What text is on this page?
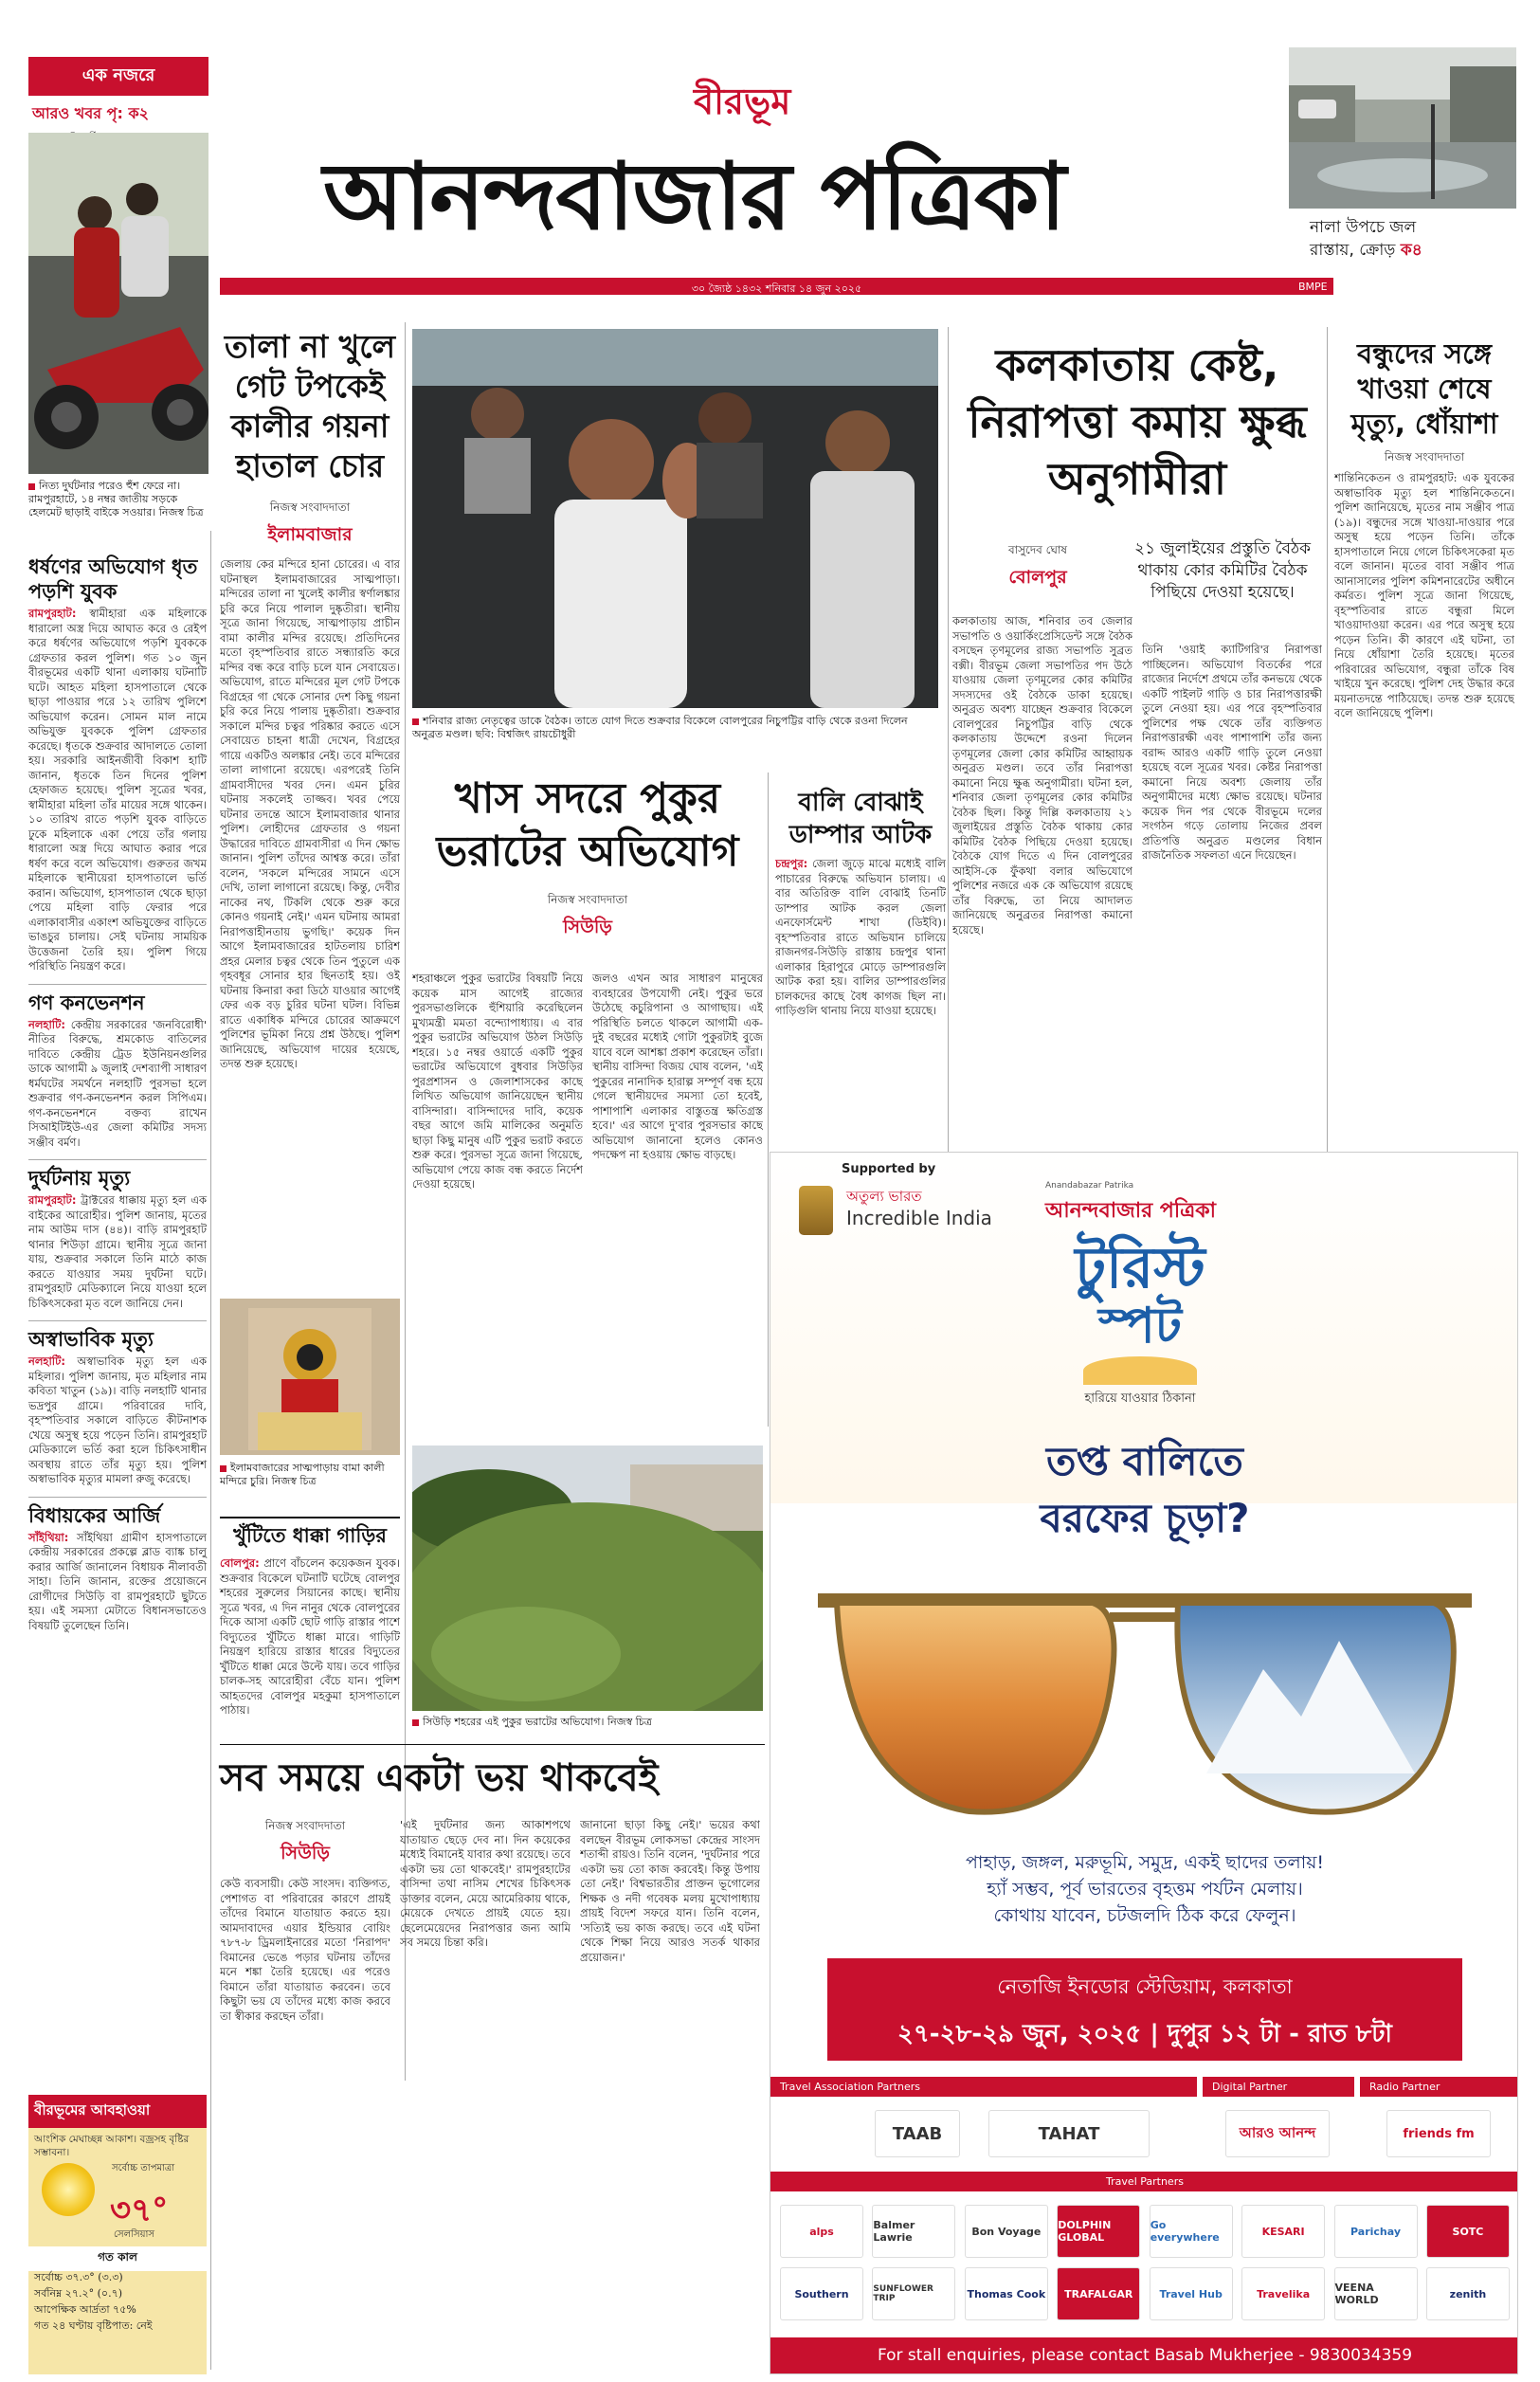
বীরভূম
আনন্দবাজার পত্রিকা
৩০ জ্যৈষ্ঠ ১৪৩২ শনিবার ১৪ জুন ২০২৫	BMPE
এক নজরে
আরও খবর পৃ: ক২
নিত্য দুর্ঘটনার পরেও হুঁশ ফেরে না। রামপুরহাটে, ১৪ নম্বর জাতীয় সড়কে হেলমেট ছাড়াই বাইকে সওয়ার। নিজস্ব চিত্র
নালা উপচে জল
রাস্তায়, ক্রোড় ক৪
ধর্ষণের অভিযোগ ধৃত পড়শি যুবক
রামপুরহাট: স্বামীহারা এক মহিলাকে ধারালো অস্ত্র দিয়ে আঘাত করে ও রেইপ করে ধর্ষণের অভিযোগে পড়শি যুবককে গ্রেফতার করল পুলিশ। গত ১০ জুন বীরভূমের একটি থানা এলাকায় ঘটনাটি ঘটে। আহত মহিলা হাসপাতালে থেকে ছাড়া পাওয়ার পরে ১২ তারিখ পুলিশে অভিযোগ করেন। সোমন মাল নামে অভিযুক্ত যুবককে পুলিশ গ্রেফতার করেছে। ধৃতকে শুক্রবার আদালতে তোলা হয়। সরকারি আইনজীবী বিকাশ হাটি জানান, ধৃতকে তিন দিনের পুলিশ হেফাজত হয়েছে। পুলিশ সূত্রের খবর, স্বামীহারা মহিলা তাঁর মায়ের সঙ্গে থাকেন। ১০ তারিখ রাতে পড়শি যুবক বাড়িতে ঢুকে মহিলাকে একা পেয়ে তাঁর গলায় ধারালো অস্ত্র দিয়ে আঘাত করার পরে ধর্ষণ করে বলে অভিযোগ। গুরুতর জখম মহিলাকে স্থানীয়েরা হাসপাতালে ভর্তি করান। অভিযোগ, হাসপাতাল থেকে ছাড়া পেয়ে মহিলা বাড়ি ফেরার পরে এলাকাবাসীর একাংশ অভিযুক্তের বাড়িতে ভাঙচুর চালায়। সেই ঘটনায় সাময়িক উত্তেজনা তৈরি হয়। পুলিশ গিয়ে পরিস্থিতি নিয়ন্ত্রণ করে।
গণ কনভেনশন
নলহাটি: কেন্দ্রীয় সরকারের 'জনবিরোধী' নীতির বিরুদ্ধে, শ্রমকোড বাতিলের দাবিতে কেন্দ্রীয় ট্রেড ইউনিয়নগুলির ডাকে আগামী ৯ জুলাই দেশব্যাপী সাধারণ ধর্মঘটের সমর্থনে নলহাটি পুরসভা হলে শুক্রবার গণ-কনভেনশন করল সিপিএম। গণ-কনভেনশনে বক্তব্য রাখেন সিআইটিইউ-এর জেলা কমিটির সদস্য সঞ্জীব বর্মণ।
দুর্ঘটনায় মৃত্যু
রামপুরহাট: ট্রাক্টরের ধাক্কায় মৃত্যু হল এক বাইকের আরোহীর। পুলিশ জানায়, মৃতের নাম আউম দাস (৪৪)। বাড়ি রামপুরহাট থানার শিউড়া গ্রামে। স্থানীয় সূত্রে জানা যায়, শুক্রবার সকালে তিনি মাঠে কাজ করতে যাওয়ার সময় দুর্ঘটনা ঘটে। রামপুরহাট মেডিক্যালে নিয়ে যাওয়া হলে চিকিৎসকেরা মৃত বলে জানিয়ে দেন।
অস্বাভাবিক মৃত্যু
নলহাটি: অস্বাভাবিক মৃত্যু হল এক মহিলার। পুলিশ জানায়, মৃত মহিলার নাম কবিতা খাতুন (১৯)। বাড়ি নলহাটি থানার ভদ্রপুর গ্রামে। পরিবারের দাবি, বৃহস্পতিবার সকালে বাড়িতে কীটনাশক খেয়ে অসুস্থ হয়ে পড়েন তিনি। রামপুরহাট মেডিক্যালে ভর্তি করা হলে চিকিৎসাধীন অবস্থায় রাতে তাঁর মৃত্যু হয়। পুলিশ অস্বাভাবিক মৃত্যুর মামলা রুজু করেছে।
বিধায়কের আর্জি
সাঁইথিয়া: সাঁইথিয়া গ্রামীণ হাসপাতালে কেন্দ্রীয় সরকারের প্রকল্পে ব্লাড ব্যাঙ্ক চালু করার আর্জি জানালেন বিধায়ক নীলাবতী সাহা। তিনি জানান, রক্তের প্রয়োজনে রোগীদের সিউড়ি বা রামপুরহাটে ছুটতে হয়। এই সমস্যা মেটাতে বিধানসভাতেও বিষয়টি তুলেছেন তিনি।
বীরভূমের আবহাওয়া
আংশিক মেঘাচ্ছন্ন আকাশ। বজ্রসহ বৃষ্টির সম্ভাবনা।
সর্বোচ্চ তাপমাত্রা
৩৭°
সেলসিয়াস
গত কাল
সর্বোচ্চ ৩৭.৩° (৩.৩)
সর্বনিম্ন ২৭.২° (০.৭)
আপেক্ষিক আর্দ্রতা ৭৫%
গত ২৪ ঘণ্টায় বৃষ্টিপাত: নেই
তালা না খুলে গেট টপকেই কালীর গয়না হাতাল চোর
নিজস্ব সংবাদদাতা
ইলামবাজার
জেলায় কের মন্দিরে হানা চোরের। এ বার ঘটনাস্থল ইলামবাজারের সাত্মপাড়া। মন্দিরের তালা না খুলেই কালীর স্বর্ণালঙ্কার চুরি করে নিয়ে পালাল দুষ্কৃতীরা। স্থানীয় সূত্রে জানা গিয়েছে, সাত্মপাড়ায় প্রাচীন বামা কালীর মন্দির রয়েছে। প্রতিদিনের মতো বৃহস্পতিবার রাতে সন্ধ্যারতি করে মন্দির বন্ধ করে বাড়ি চলে যান সেবায়েত। অভিযোগ, রাতে মন্দিরের মূল গেট টপকে বিগ্রহের গা থেকে সোনার দেশ কিছু গয়না চুরি করে নিয়ে পালায় দুষ্কৃতীরা। শুক্রবার সকালে মন্দির চত্বর পরিষ্কার করতে এসে সেবায়েত চাহনা ধাত্রী দেখেন, বিগ্রহের গায়ে একটিও অলঙ্কার নেই। তবে মন্দিরের তালা লাগানো রয়েছে। এরপরেই তিনি গ্রামবাসীদের খবর দেন। এমন চুরির ঘটনায় সকলেই তাজ্জব। খবর পেয়ে ঘটনার তদন্তে আসে ইলামবাজার থানার পুলিশ। লোহীদের গ্রেফতার ও গয়না উদ্ধারের দাবিতে গ্রামবাসীরা এ দিন ক্ষোভ জানান। পুলিশ তাঁদের আশ্বস্ত করে। তাঁরা বলেন, 'সকলে মন্দিরের সামনে এসে দেখি, তালা লাগানো রয়েছে। কিন্তু, দেবীর নাকের নথ, টিকলি থেকে শুরু করে কোনও গয়নাই নেই।' এমন ঘটনায় আমরা নিরাপত্তাহীনতায় ভুগছি।' কয়েক দিন আগে ইলামবাজারের হাটতলায় চারিশ প্রহর মেলার চত্বর থেকে তিন পুতুলে এক গৃহবধূর সোনার হার ছিনতাই হয়। ওই ঘটনায় কিনারা করা ডিঠে যাওয়ার আগেই ফের এক বড় চুরির ঘটনা ঘটল। বিভিন্ন রাতে একাধিক মন্দিরে চোরের আক্রমণে পুলিশের ভূমিকা নিয়ে প্রশ্ন উঠছে। পুলিশ জানিয়েছে, অভিযোগ দায়ের হয়েছে, তদন্ত শুরু হয়েছে।
ইলামবাজারের সাত্মপাড়ায় বামা কালী মন্দিরে চুরি। নিজস্ব চিত্র
খুঁটিতে ধাক্কা গাড়ির
বোলপুর: প্রাণে বাঁচলেন কয়েকজন যুবক। শুক্রবার বিকেলে ঘটনাটি ঘটেছে বোলপুর শহরের সুরুলের সিয়ানের কাছে। স্থানীয় সূত্রে খবর, এ দিন নানুর থেকে বোলপুরের দিকে আসা একটি ছোট গাড়ি রাস্তার পাশে বিদ্যুতের খুঁটিতে ধাক্কা মারে। গাড়িটি নিয়ন্ত্রণ হারিয়ে রাস্তার ধারের বিদ্যুতের খুঁটিতে ধাক্কা মেরে উল্টে যায়। তবে গাড়ির চালক-সহ আরোহীরা বেঁচে যান। পুলিশ আহতদের বোলপুর মহকুমা হাসপাতালে পাঠায়।
শনিবার রাজ্য নেতৃত্বের ডাকে বৈঠক। তাতে যোগ দিতে শুক্রবার বিকেলে বোলপুরের নিচুপট্টির বাড়ি থেকে রওনা দিলেন অনুব্রত মণ্ডল। ছবি: বিশ্বজিৎ রায়চৌধুরী
খাস সদরে পুকুর ভরাটের অভিযোগ
নিজস্ব সংবাদদাতা
সিউড়ি
শহরাঞ্চলে পুকুর ভরাটের বিষয়টি নিয়ে কয়েক মাস আগেই রাজ্যের পুরসভাগুলিকে হুঁশিয়ারি করেছিলেন মুখ্যমন্ত্রী মমতা বন্দ্যোপাধ্যায়। এ বার পুকুর ভরাটের অভিযোগ উঠল সিউড়ি শহরে। ১৫ নম্বর ওয়ার্ডে একটি পুকুর ভরাটের অভিযোগে বুধবার সিউড়ির পুরপ্রশাসন ও জেলাশাসকের কাছে লিখিত অভিযোগ জানিয়েছেন স্থানীয় বাসিন্দারা। বাসিন্দাদের দাবি, কয়েক বছর আগে জমি মালিকের অনুমতি ছাড়া কিছু মানুষ এটি পুকুর ভরাট করতে শুরু করে। পুরসভা সূত্রে জানা গিয়েছে, অভিযোগ পেয়ে কাজ বন্ধ করতে নির্দেশ দেওয়া হয়েছে।
জলও এখন আর সাধারণ মানুষের ব্যবহারের উপযোগী নেই। পুকুর ভরে উঠেছে কচুরিপানা ও আগাছায়। এই পরিস্থিতি চলতে থাকলে আগামী এক-দুই বছরের মধ্যেই গোটা পুকুরটাই বুজে যাবে বলে আশঙ্কা প্রকাশ করেছেন তাঁরা। স্থানীয় বাসিন্দা বিজয় ঘোষ বলেন, 'এই পুকুরের নানাদিক হারাল্প সম্পূর্ণ বন্ধ হয়ে গেলে স্থানীয়দের সমস্যা তো হবেই, পাশাপাশি এলাকার বাস্তুতন্ত্র ক্ষতিগ্রস্ত হবে।' এর আগে দু'বার পুরসভার কাছে অভিযোগ জানানো হলেও কোনও পদক্ষেপ না হওয়ায় ক্ষোভ বাড়ছে।
বালি বোঝাই ডাম্পার আটক
চন্দ্রপুর: জেলা জুড়ে মাঝে মধ্যেই বালি পাচারের বিরুদ্ধে অভিযান চালায়। এ বার অতিরিক্ত বালি বোঝাই তিনটি ডাম্পার আটক করল জেলা এনফোর্সমেন্ট শাখা (ডিইবি)। বৃহস্পতিবার রাতে অভিযান চালিয়ে রাজনগর-সিউড়ি রাস্তায় চন্দ্রপুর থানা এলাকার হিরাপুরে মোড়ে ডাম্পারগুলি আটক করা হয়। বালির ডাম্পারগুলির চালকদের কাছে বৈধ কাগজ ছিল না। গাড়িগুলি থানায় নিয়ে যাওয়া হয়েছে।
সিউড়ি শহরের এই পুকুর ভরাটের অভিযোগ। নিজস্ব চিত্র
কলকাতায় কেষ্ট, নিরাপত্তা কমায় ক্ষুব্ধ অনুগামীরা
বাসুদেব ঘোষ
বোলপুর
২১ জুলাইয়ের প্রস্তুতি বৈঠক থাকায় কোর কমিটির বৈঠক পিছিয়ে দেওয়া হয়েছে।
কলকাতায় আজ, শনিবার তব জেলার সভাপতি ও ওয়ার্কিংপ্রেসিডেন্ট সঙ্গে বৈঠক বসছেন তৃণমূলের রাজ্য সভাপতি সুব্রত বক্সী। বীরভূম জেলা সভাপতির পদ উঠে যাওয়ায় জেলা তৃণমূলের কোর কমিটির সদস্যদের ওই বৈঠকে ডাকা হয়েছে। অনুব্রত অবশ্য যাচ্ছেন শুক্রবার বিকেলে বোলপুরের নিচুপট্টির বাড়ি থেকে কলকাতায় উদ্দেশে রওনা দিলেন তৃণমূলের জেলা কোর কমিটির আহ্বায়ক অনুব্রত মণ্ডল। তবে তাঁর নিরাপত্তা কমানো নিয়ে ক্ষুব্ধ অনুগামীরা। ঘটনা হল, শনিবার জেলা তৃণমূলের কোর কমিটির বৈঠক ছিল। কিন্তু দিল্লি কলকাতায় ২১ জুলাইয়ের প্রস্তুতি বৈঠক থাকায় কোর কমিটির বৈঠক পিছিয়ে দেওয়া হয়েছে। বৈঠকে যোগ দিতে এ দিন বোলপুরের আইসি-কে ফুঁকথা বলার অভিযোগে পুলিশের নজরে এক কে অভিযোগ রয়েছে তাঁর বিরুদ্ধে, তা নিয়ে আদালত জানিয়েছে অনুব্রতর নিরাপত্তা কমানো হয়েছে।
তিনি 'ওয়াই ক্যাটিগরি'র নিরাপত্তা পাচ্ছিলেন। অভিযোগ বিতর্কের পরে রাজ্যের নির্দেশে প্রথমে তাঁর কনভয়ে থেকে একটি পাইলট গাড়ি ও চার নিরাপত্তারক্ষী তুলে নেওয়া হয়। এর পরে বৃহস্পতিবার পুলিশের পক্ষ থেকে তাঁর ব্যক্তিগত নিরাপত্তারক্ষী এবং পাশাপাশি তাঁর জন্য বরাদ্দ আরও একটি গাড়ি তুলে নেওয়া হয়েছে বলে সূত্রের খবর। কেষ্টর নিরাপত্তা কমানো নিয়ে অবশ্য জেলায় তাঁর অনুগামীদের মধ্যে ক্ষোভ রয়েছে। ঘটনার কয়েক দিন পর থেকে বীরভূমে দলের সংগঠন গড়ে তোলায় নিজের প্রবল প্রতিপত্তি অনুব্রত মণ্ডলের বিধান রাজনৈতিক সফলতা এনে দিয়েছেন।
বন্ধুদের সঙ্গে খাওয়া শেষে মৃত্যু, ধোঁয়াশা
নিজস্ব সংবাদদাতা
শান্তিনিকেতন ও রামপুরহাট: এক যুবকের অস্বাভাবিক মৃত্যু হল শান্তিনিকেতনে। পুলিশ জানিয়েছে, মৃতের নাম সঞ্জীব পাত্র (১৯)। বন্ধুদের সঙ্গে খাওয়া-দাওয়ার পরে অসুস্থ হয়ে পড়েন তিনি। তাঁকে হাসপাতালে নিয়ে গেলে চিকিৎসকেরা মৃত বলে জানান। মৃতের বাবা সঞ্জীব পাত্র আনাসালের পুলিশ কমিশনারেটের অধীনে কর্মরত। পুলিশ সূত্রে জানা গিয়েছে, বৃহস্পতিবার রাতে বন্ধুরা মিলে খাওয়াদাওয়া করেন। এর পরে অসুস্থ হয়ে পড়েন তিনি। কী কারণে এই ঘটনা, তা নিয়ে ধোঁয়াশা তৈরি হয়েছে। মৃতের পরিবারের অভিযোগ, বন্ধুরা তাঁকে বিষ খাইয়ে খুন করেছে। পুলিশ দেহ উদ্ধার করে ময়নাতদন্তে পাঠিয়েছে। তদন্ত শুরু হয়েছে বলে জানিয়েছে পুলিশ।
সব সময়ে একটা ভয় থাকবেই
নিজস্ব সংবাদদাতা
সিউড়ি
কেউ ব্যবসায়ী। কেউ সাংসদ। ব্যক্তিগত, পেশাগত বা পরিবারের কারণে প্রায়ই তাঁদের বিমানে যাতায়াত করতে হয়। আমদাবাদের এয়ার ইন্ডিয়ার বোয়িং ৭৮৭-৮ ড্রিমলাইনারের মতো 'নিরাপদ' বিমানের ভেঙে পড়ার ঘটনায় তাঁদের মনে শঙ্কা তৈরি হয়েছে। এর পরেও বিমানে তাঁরা যাতায়াত করবেন। তবে কিছুটা ভয় যে তাঁদের মধ্যে কাজ করবে তা স্বীকার করছেন তাঁরা।
'এই দুর্ঘটনার জন্য আকাশপথে যাতায়াত ছেড়ে দেব না। দিন কয়েকের মধ্যেই বিমানেই যাবার কথা রয়েছে। তবে একটা ভয় তো থাকবেই।' রামপুরহাটের বাসিন্দা তথা নাসিম শেখের চিকিৎসক ডাক্তার বলেন, মেয়ে আমেরিকায় থাকে, মেয়েকে দেখতে প্রায়ই যেতে হয়। ছেলেমেয়েদের নিরাপত্তার জন্য আমি সব সময়ে চিন্তা করি।
জানানো ছাড়া কিছু নেই।' ভয়ের কথা বলছেন বীরভূম লোকসভা কেন্দ্রের সাংসদ শতাব্দী রায়ও। তিনি বলেন, 'দুর্ঘটনার পরে একটা ভয় তো কাজ করবেই। কিন্তু উপায় তো নেই।' বিশ্বভারতীর প্রাক্তন ভূগোলের শিক্ষক ও নদী গবেষক মলয় মুখোপাধ্যায় প্রায়ই বিদেশ সফরে যান। তিনি বলেন, 'সত্যিই ভয় কাজ করছে। তবে এই ঘটনা থেকে শিক্ষা নিয়ে আরও সতর্ক থাকার প্রয়োজন।'
Supported by
অতুল্য ভারত
Incredible India
Anandabazar Patrika
আনন্দবাজার পত্রিকা
টুরিস্ট
স্পট
হারিয়ে যাওয়ার ঠিকানা
তপ্ত বালিতে
বরফের চূড়া?
পাহাড়, জঙ্গল, মরুভূমি, সমুদ্র, একই ছাদের তলায়!
হ্যাঁ সম্ভব, পূর্ব ভারতের বৃহত্তম পর্যটন মেলায়।
কোথায় যাবেন, চটজলদি ঠিক করে ফেলুন।
নেতাজি ইনডোর স্টেডিয়াম, কলকাতা
২৭-২৮-২৯ জুন, ২০২৫ | দুপুর ১২ টা - রাত ৮টা
Travel Association Partners	Digital Partner	Radio Partner
TAAB	TAHAT	আরও আনন্দ	friends fm
Travel Partners
alps	Balmer Lawrie	Bon Voyage	DOLPHIN GLOBAL
Go everywhere	KESARI	Parichay	SOTC
Southern	SUNFLOWER TRIP	Thomas Cook	TRAFALGAR	Travel Hub	Travelika	VEENA WORLD	zenith
For stall enquiries, please contact Basab Mukherjee - 9830034359
